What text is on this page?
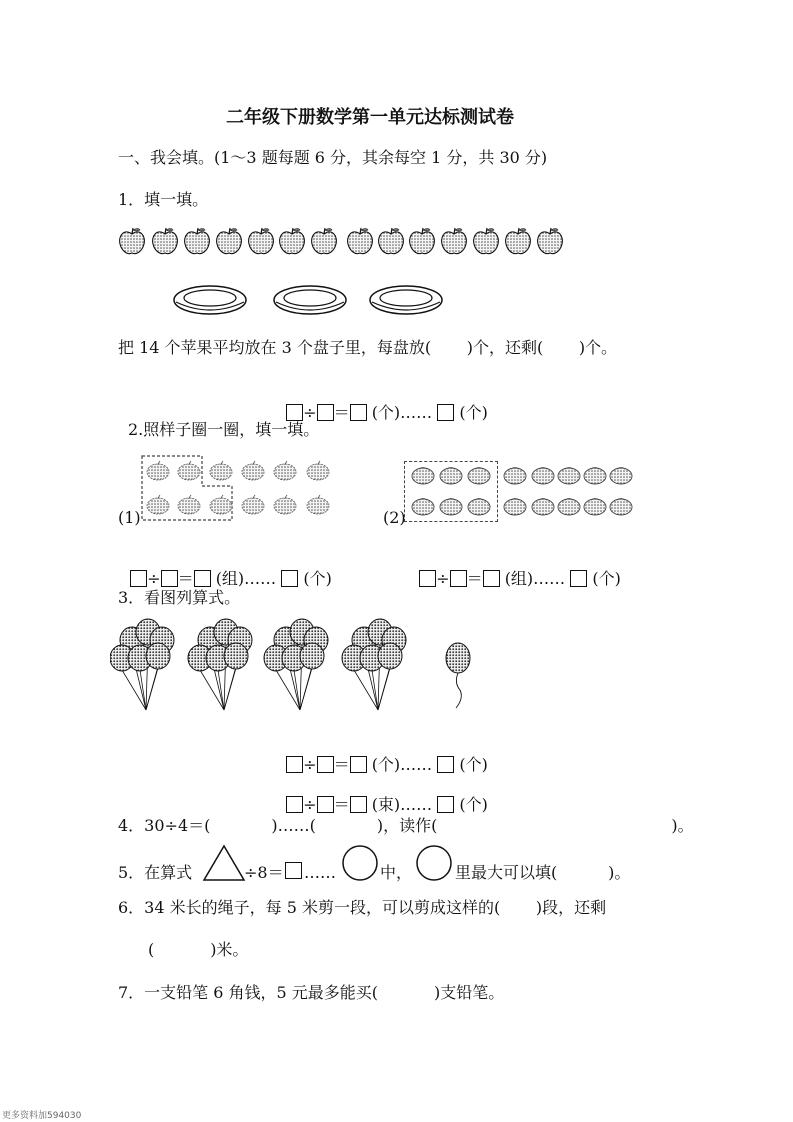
二年级下册数学第一单元达标测试卷
一、我会填。(1～3 题每题 6 分，其余每空 1 分，共 30 分)
1．填一填。
把 14 个苹果平均放在 3 个盘子里，每盘放(       )个，还剩(       )个。

÷ ＝ (个)…… (个)

2.照样子圈一圈，填一填。
(1)	(2)

÷ ＝ (组)…… (个)	÷ ＝ (组)…… (个)

3．看图列算式。

÷ ＝ (个)…… (个)

÷ ＝ (束)…… (个)

4．30÷4＝(            )……(            )，读作(                                              )。
5．在算式	÷8＝ ……	中，	里最大可以填(          )。
6．34 米长的绳子，每 5 米剪一段，可以剪成这样的(       )段，还剩
(           )米。
7．一支铅笔 6 角钱，5 元最多能买(           )支铅笔。
更多资料加594030
